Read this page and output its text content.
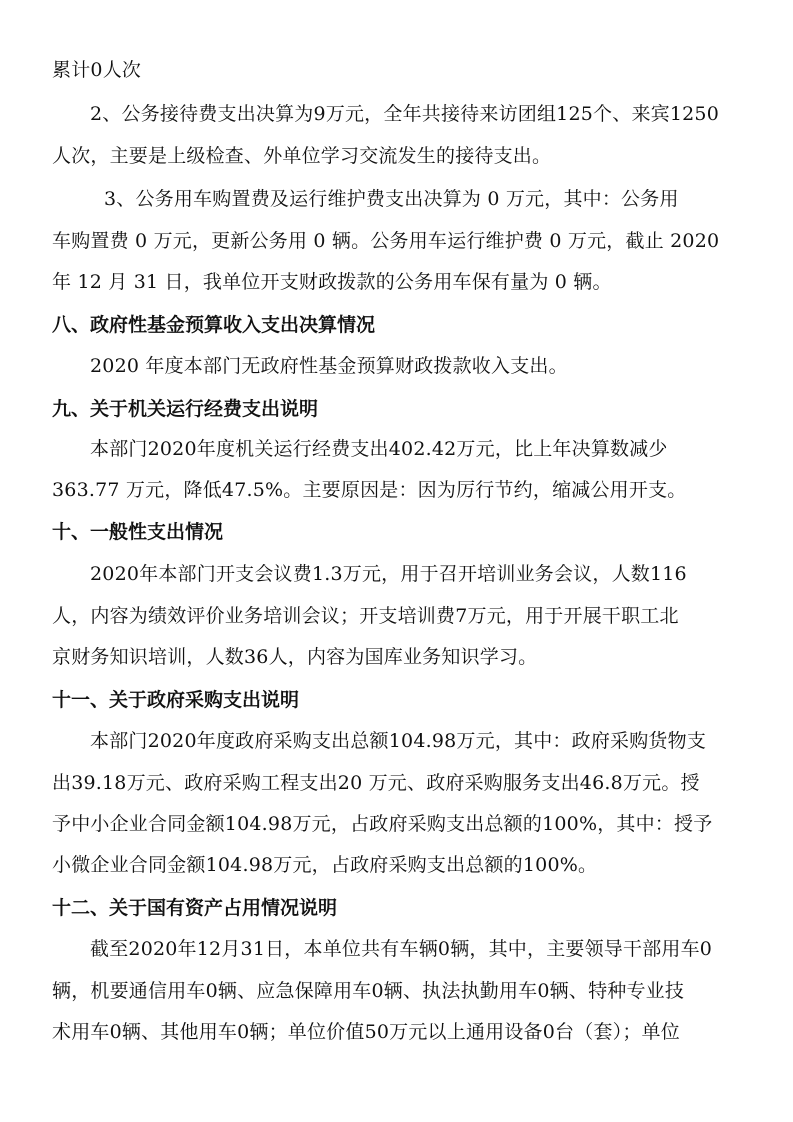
累计0人次
2、公务接待费支出决算为9万元，全年共接待来访团组125个、来宾1250
人次，主要是上级检查、外单位学习交流发生的接待支出。
3、公务用车购置费及运行维护费支出决算为 0 万元，其中：公务用
车购置费 0 万元，更新公务用 0 辆。公务用车运行维护费 0 万元，截止 2020
年 12 月 31 日，我单位开支财政拨款的公务用车保有量为 0 辆。
八、政府性基金预算收入支出决算情况
2020 年度本部门无政府性基金预算财政拨款收入支出。
九、关于机关运行经费支出说明
本部门2020年度机关运行经费支出402.42万元，比上年决算数减少
363.77 万元，降低47.5%。主要原因是：因为厉行节约，缩减公用开支。
十、一般性支出情况
2020年本部门开支会议费1.3万元，用于召开培训业务会议，人数116
人，内容为绩效评价业务培训会议；开支培训费7万元，用于开展干职工北
京财务知识培训，人数36人，内容为国库业务知识学习。
十一、关于政府采购支出说明
本部门2020年度政府采购支出总额104.98万元，其中：政府采购货物支
出39.18万元、政府采购工程支出20 万元、政府采购服务支出46.8万元。授
予中小企业合同金额104.98万元，占政府采购支出总额的100%，其中：授予
小微企业合同金额104.98万元，占政府采购支出总额的100%。
十二、关于国有资产占用情况说明
截至2020年12月31日，本单位共有车辆0辆，其中，主要领导干部用车0
辆，机要通信用车0辆、应急保障用车0辆、执法执勤用车0辆、特种专业技
术用车0辆、其他用车0辆；单位价值50万元以上通用设备0台（套）；单位
